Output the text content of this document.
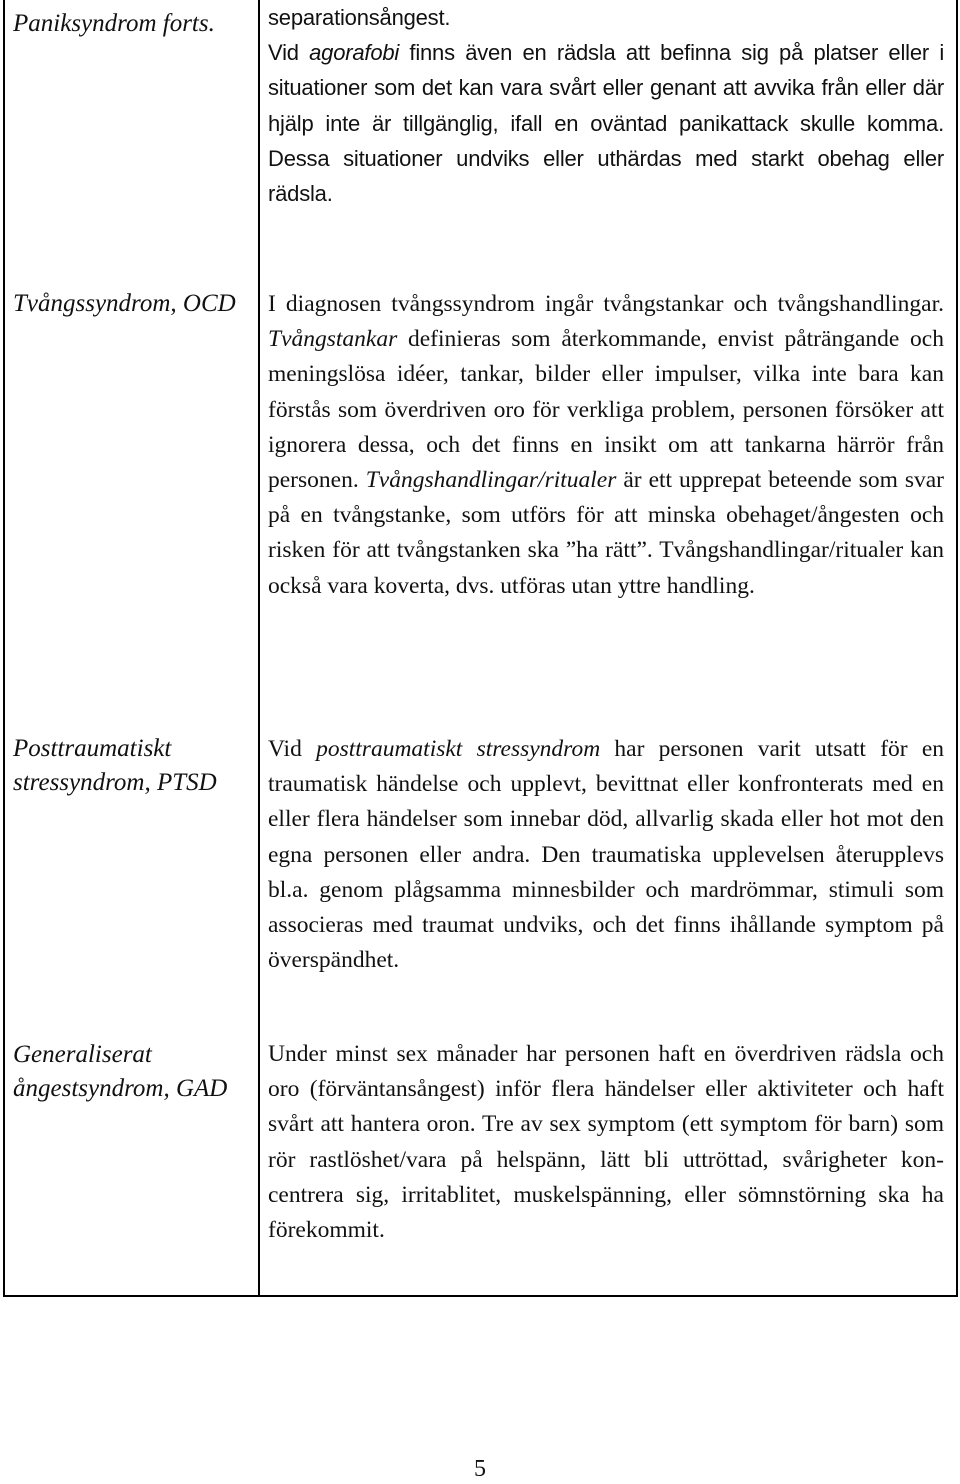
Paniksyndrom forts.
Tvångssyndrom, OCD
Posttraumatiskt stressyndrom, PTSD
Generaliserat ångestsyndrom, GAD
separationsångest.
Vid agorafobi finns även en rädsla att befinna sig på platser eller i situationer som det kan vara svårt eller genant att avvika från eller där hjälp inte är tillgänglig, ifall en oväntad panikattack skulle komma. Dessa situationer undviks eller uthärdas med starkt obehag eller rädsla.
I diagnosen tvångssyndrom ingår tvångstankar och tvångshandlingar. Tvångstankar definieras som återkommande, envist påträngande och meningslösa idéer, tankar, bilder eller impulser, vilka inte bara kan förstås som överdriven oro för verkliga problem, personen försöker att ignorera dessa, och det finns en insikt om att tankarna härrör från personen. Tvångshandlingar/ritualer är ett upprepat beteende som svar på en tvångstanke, som utförs för att minska obehaget/ångesten och risken för att tvångstanken ska ”ha rätt”. Tvångshandlingar/ritualer kan också vara koverta, dvs. utföras utan yttre handling.
Vid posttraumatiskt stressyndrom har personen varit utsatt för en traumatisk händelse och upplevt, bevittnat eller konfronterats med en eller flera händelser som innebar död, allvarlig skada eller hot mot den egna personen eller andra. Den traumatiska upplevelsen återupplevs bl.a. genom plågsamma minnesbilder och mardrömmar, stimuli som associeras med traumat undviks, och det finns ihållande symptom på överspändhet.
Under minst sex månader har personen haft en överdriven rädsla och oro (förväntansångest) inför flera händelser eller aktiviteter och haft svårt att hantera oron. Tre av sex symptom (ett symptom för barn) som rör rastlöshet/vara på helspänn, lätt bli uttröttad, svårigheter koncentrera sig, irritablitet, muskelspänning, eller sömnstörning ska ha förekommit.
5
